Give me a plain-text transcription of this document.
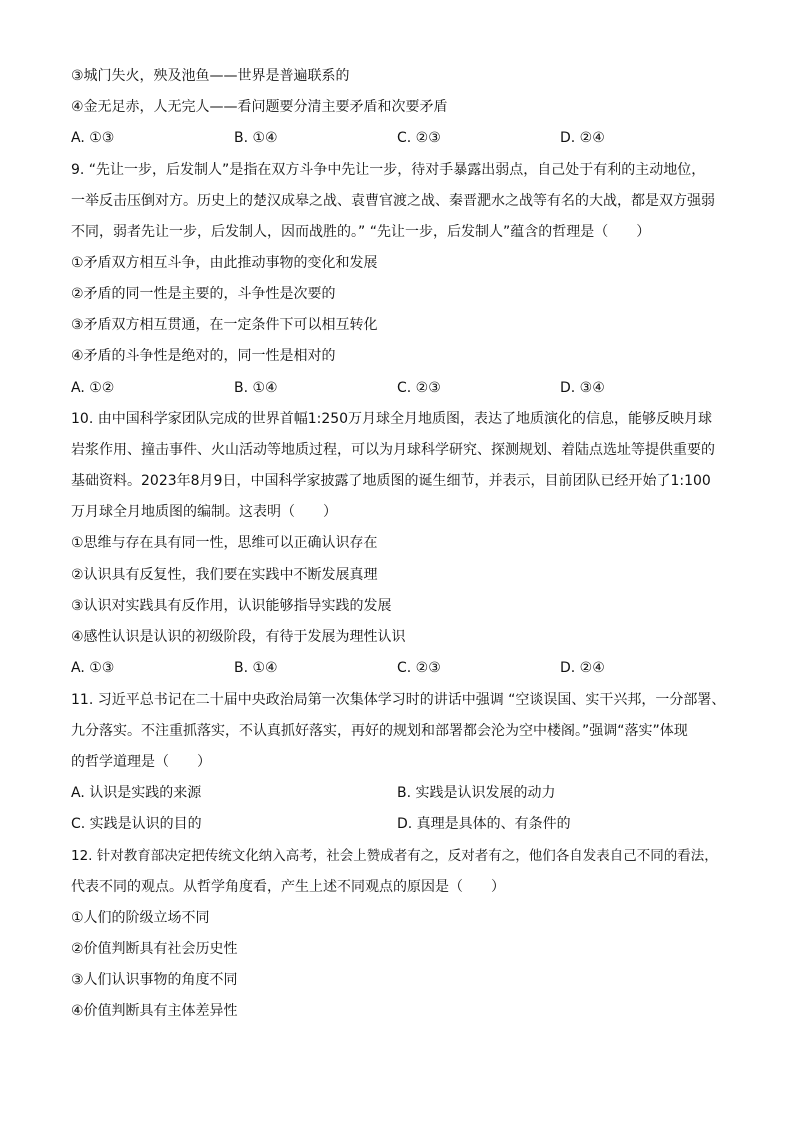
③城门失火，殃及池鱼——世界是普遍联系的
④金无足赤，人无完人——看问题要分清主要矛盾和次要矛盾
A. ①③	B. ①④	C. ②③	D. ②④
9. “先让一步，后发制人”是指在双方斗争中先让一步，待对手暴露出弱点，自己处于有利的主动地位，
一举反击压倒对方。历史上的楚汉成皋之战、袁曹官渡之战、秦晋淝水之战等有名的大战，都是双方强弱
不同，弱者先让一步，后发制人，因而战胜的。” “先让一步，后发制人”蕴含的哲理是（　　）
①矛盾双方相互斗争，由此推动事物的变化和发展
②矛盾的同一性是主要的，斗争性是次要的
③矛盾双方相互贯通，在一定条件下可以相互转化
④矛盾的斗争性是绝对的，同一性是相对的
A. ①②	B. ①④	C. ②③	D. ③④
10. 由中国科学家团队完成的世界首幅1:250万月球全月地质图，表达了地质演化的信息，能够反映月球
岩浆作用、撞击事件、火山活动等地质过程，可以为月球科学研究、探测规划、着陆点选址等提供重要的
基础资料。2023年8月9日，中国科学家披露了地质图的诞生细节，并表示，目前团队已经开始了1:100
万月球全月地质图的编制。这表明（　　）
①思维与存在具有同一性，思维可以正确认识存在
②认识具有反复性，我们要在实践中不断发展真理
③认识对实践具有反作用，认识能够指导实践的发展
④感性认识是认识的初级阶段，有待于发展为理性认识
A. ①③	B. ①④	C. ②③	D. ②④
11. 习近平总书记在二十届中央政治局第一次集体学习时的讲话中强调 “空谈误国、实干兴邦，一分部署、
九分落实。不注重抓落实，不认真抓好落实，再好的规划和部署都会沦为空中楼阁。”强调“落实”体现
的哲学道理是（　　）
A. 认识是实践的来源	B. 实践是认识发展的动力
C. 实践是认识的目的	D. 真理是具体的、有条件的
12. 针对教育部决定把传统文化纳入高考，社会上赞成者有之，反对者有之，他们各自发表自己不同的看法，
代表不同的观点。从哲学角度看，产生上述不同观点的原因是（　　）
①人们的阶级立场不同
②价值判断具有社会历史性
③人们认识事物的角度不同
④价值判断具有主体差异性
